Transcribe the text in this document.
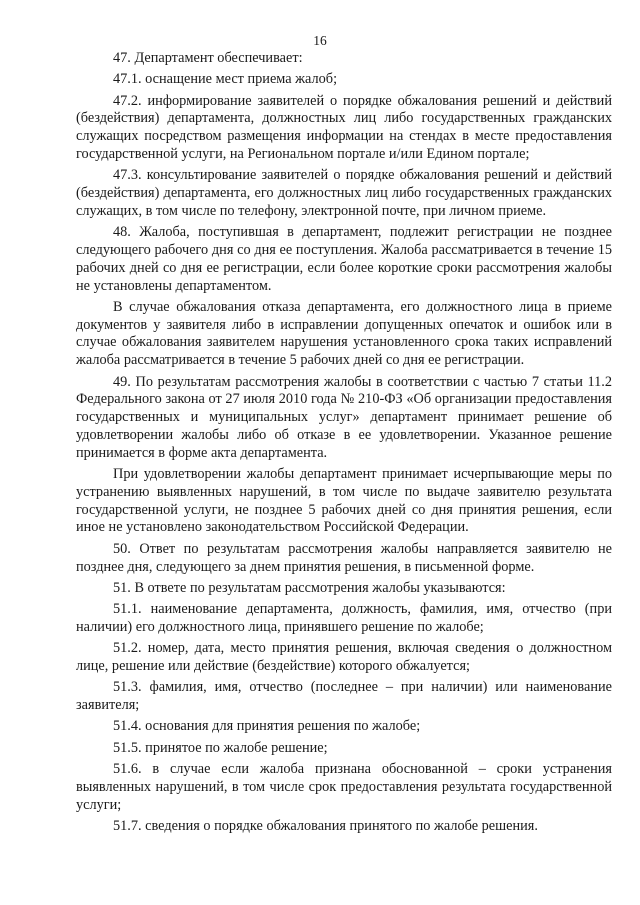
16

47. Департамент обеспечивает:

47.1. оснащение мест приема жалоб;

47.2. информирование заявителей о порядке обжалования решений и действий (бездействия) департамента, должностных лиц либо государственных гражданских служащих посредством размещения информации на стендах в месте предоставления государственной услуги, на Региональном портале и/или Едином портале;

47.3. консультирование заявителей о порядке обжалования решений и действий (бездействия) департамента, его должностных лиц либо государственных гражданских служащих, в том числе по телефону, электронной почте, при личном приеме.

48. Жалоба, поступившая в департамент, подлежит регистрации не позднее следующего рабочего дня со дня ее поступления. Жалоба рассматривается в течение 15 рабочих дней со дня ее регистрации, если более короткие сроки рассмотрения жалобы не установлены департаментом.

В случае обжалования отказа департамента, его должностного лица в приеме документов у заявителя либо в исправлении допущенных опечаток и ошибок или в случае обжалования заявителем нарушения установленного срока таких исправлений жалоба рассматривается в течение 5 рабочих дней со дня ее регистрации.

49. По результатам рассмотрения жалобы в соответствии с частью 7 статьи 11.2 Федерального закона от 27 июля 2010 года № 210-ФЗ «Об организации предоставления государственных и муниципальных услуг» департамент принимает решение об удовлетворении жалобы либо об отказе в ее удовлетворении. Указанное решение принимается в форме акта департамента.

При удовлетворении жалобы департамент принимает исчерпывающие меры по устранению выявленных нарушений, в том числе по выдаче заявителю результата государственной услуги, не позднее 5 рабочих дней со дня принятия решения, если иное не установлено законодательством Российской Федерации.

50. Ответ по результатам рассмотрения жалобы направляется заявителю не позднее дня, следующего за днем принятия решения, в письменной форме.

51. В ответе по результатам рассмотрения жалобы указываются:

51.1. наименование департамента, должность, фамилия, имя, отчество (при наличии) его должностного лица, принявшего решение по жалобе;

51.2. номер, дата, место принятия решения, включая сведения о должностном лице, решение или действие (бездействие) которого обжалуется;

51.3. фамилия, имя, отчество (последнее – при наличии) или наименование заявителя;

51.4. основания для принятия решения по жалобе;

51.5. принятое по жалобе решение;

51.6. в случае если жалоба признана обоснованной – сроки устранения выявленных нарушений, в том числе срок предоставления результата государственной услуги;

51.7. сведения о порядке обжалования принятого по жалобе решения.
